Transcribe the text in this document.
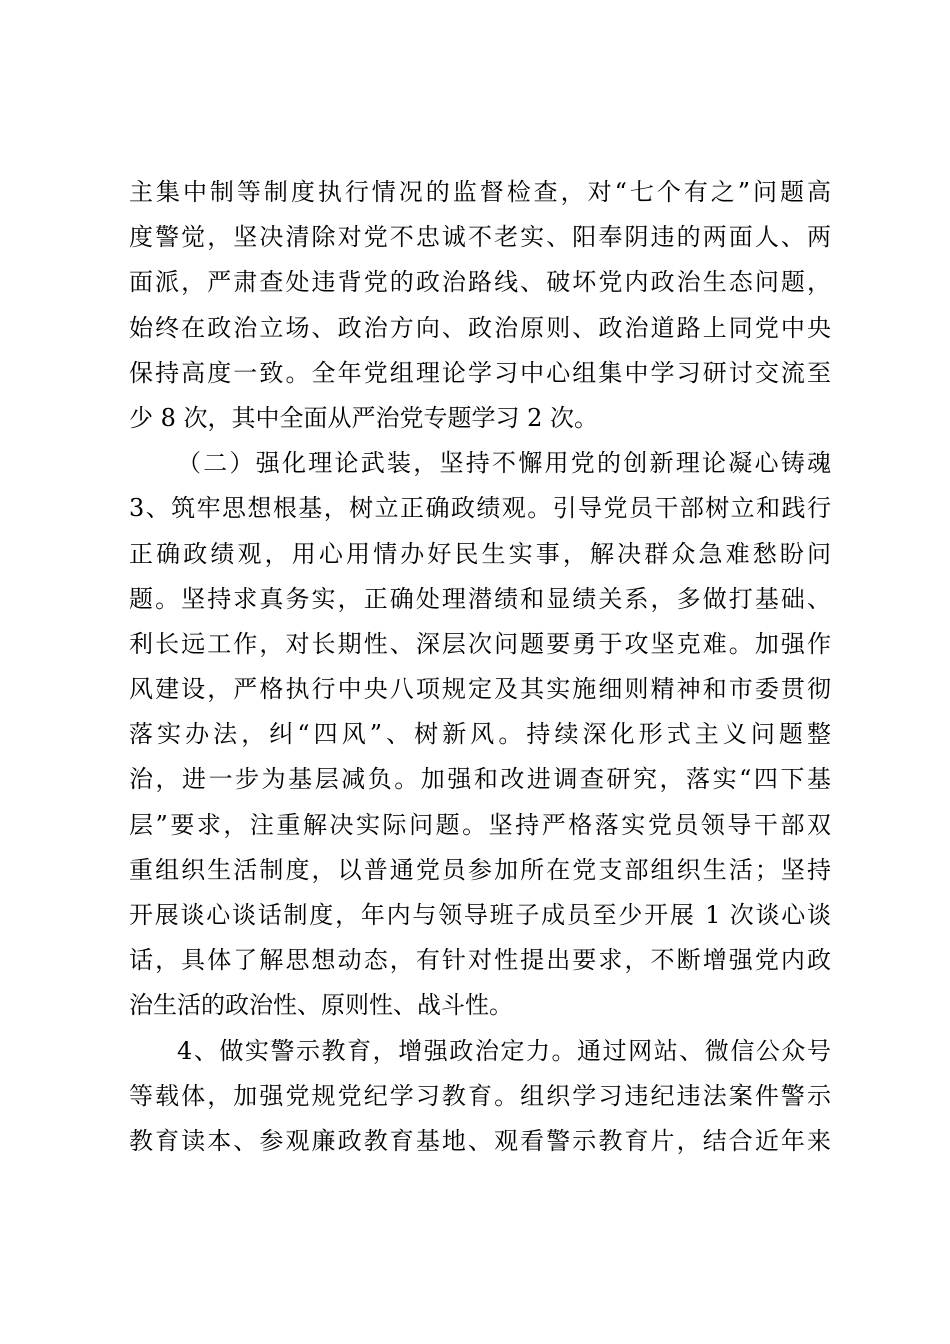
主集中制等制度执行情况的监督检查，对“七个有之”问题高
度警觉，坚决清除对党不忠诚不老实、阳奉阴违的两面人、两
面派，严肃查处违背党的政治路线、破坏党内政治生态问题，
始终在政治立场、政治方向、政治原则、政治道路上同党中央
保持高度一致。全年党组理论学习中心组集中学习研讨交流至
少 8 次，其中全面从严治党专题学习 2 次。
（二）强化理论武装，坚持不懈用党的创新理论凝心铸魂
3、筑牢思想根基，树立正确政绩观。引导党员干部树立和践行
正确政绩观，用心用情办好民生实事，解决群众急难愁盼问
题。坚持求真务实，正确处理潜绩和显绩关系，多做打基础、
利长远工作，对长期性、深层次问题要勇于攻坚克难。加强作
风建设，严格执行中央八项规定及其实施细则精神和市委贯彻
落实办法，纠“四风”、树新风。持续深化形式主义问题整
治，进一步为基层减负。加强和改进调查研究，落实“四下基
层”要求，注重解决实际问题。坚持严格落实党员领导干部双
重组织生活制度，以普通党员参加所在党支部组织生活；坚持
开展谈心谈话制度，年内与领导班子成员至少开展 1 次谈心谈
话，具体了解思想动态，有针对性提出要求，不断增强党内政
治生活的政治性、原则性、战斗性。
4、做实警示教育，增强政治定力。通过网站、微信公众号
等载体，加强党规党纪学习教育。组织学习违纪违法案件警示
教育读本、参观廉政教育基地、观看警示教育片，结合近年来
